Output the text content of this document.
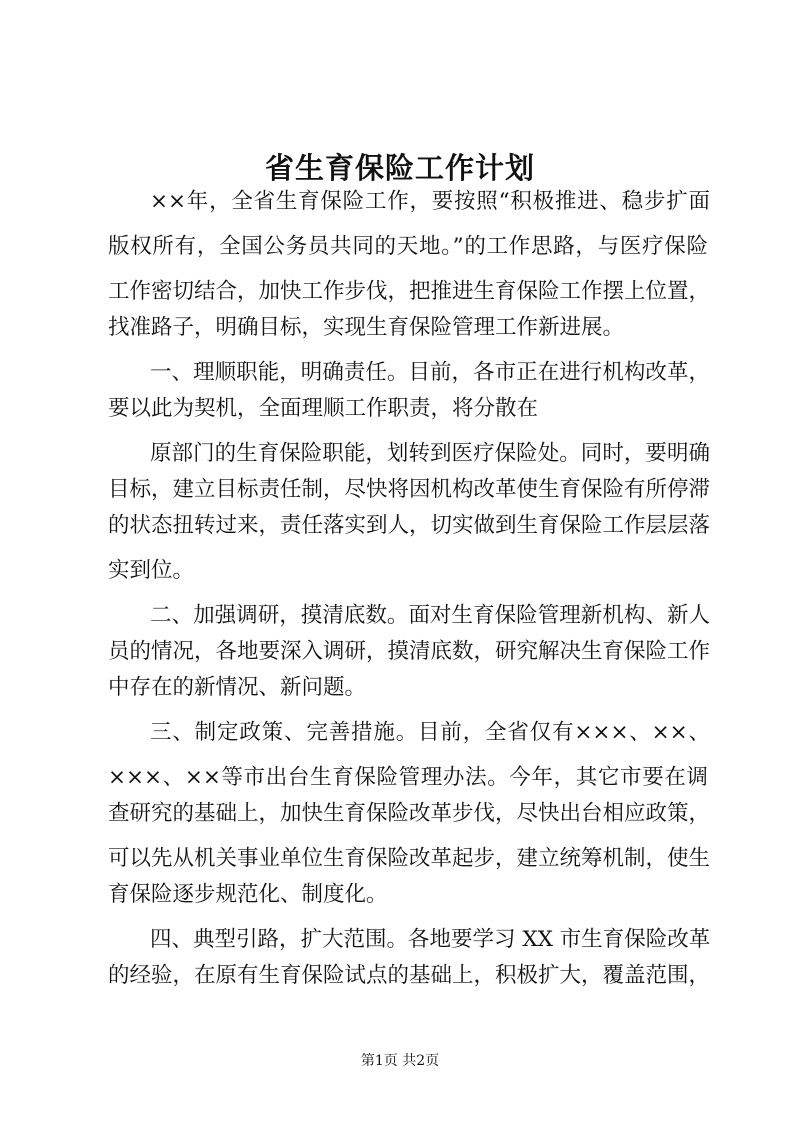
省生育保险工作计划

××年，全省生育保险工作，要按照“积极推进、稳步扩面

版权所有，全国公务员共同的天地。”的工作思路，与医疗保险

工作密切结合，加快工作步伐，把推进生育保险工作摆上位置，

找准路子，明确目标，实现生育保险管理工作新进展。

一、理顺职能，明确责任。目前，各市正在进行机构改革，

要以此为契机，全面理顺工作职责，将分散在

原部门的生育保险职能，划转到医疗保险处。同时，要明确

目标，建立目标责任制，尽快将因机构改革使生育保险有所停滞

的状态扭转过来，责任落实到人，切实做到生育保险工作层层落

实到位。

二、加强调研，摸清底数。面对生育保险管理新机构、新人

员的情况，各地要深入调研，摸清底数，研究解决生育保险工作

中存在的新情况、新问题。

三、制定政策、完善措施。目前，全省仅有×××、××、

×××、××等市出台生育保险管理办法。今年，其它市要在调

查研究的基础上，加快生育保险改革步伐，尽快出台相应政策，

可以先从机关事业单位生育保险改革起步，建立统筹机制，使生

育保险逐步规范化、制度化。

四、典型引路，扩大范围。各地要学习 XX 市生育保险改革

的经验，在原有生育保险试点的基础上，积极扩大，覆盖范围，

第1页 共2页
